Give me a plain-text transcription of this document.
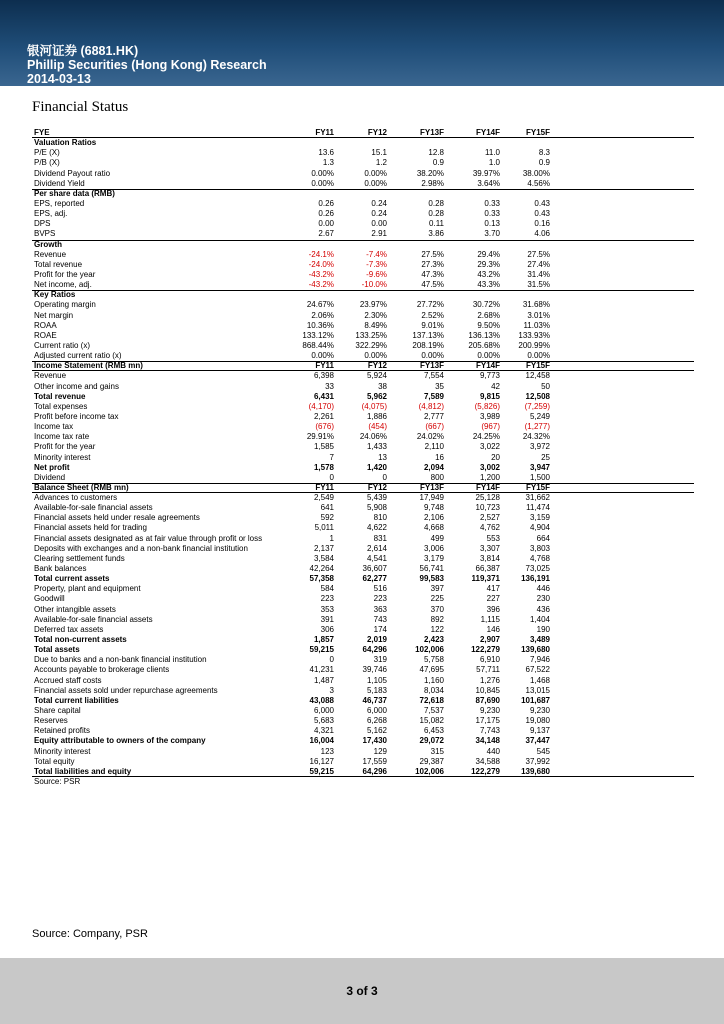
银河证券 (6881.HK)
Phillip Securities (Hong Kong) Research
2014-03-13
Financial Status
FYE	FY11	FY12	FY13F	FY14F	FY15F
Valuation Ratios
P/E (X)	13.6	15.1	12.8	11.0	8.3
P/B (X)	1.3	1.2	0.9	1.0	0.9
Dividend Payout ratio	0.00%	0.00%	38.20%	39.97%	38.00%
Dividend Yield	0.00%	0.00%	2.98%	3.64%	4.56%
Per share data (RMB)
EPS, reported	0.26	0.24	0.28	0.33	0.43
EPS, adj.	0.26	0.24	0.28	0.33	0.43
DPS	0.00	0.00	0.11	0.13	0.16
BVPS	2.67	2.91	3.86	3.70	4.06
Growth
Revenue	-24.1%	-7.4%	27.5%	29.4%	27.5%
Total revenue	-24.0%	-7.3%	27.3%	29.3%	27.4%
Profit for the year	-43.2%	-9.6%	47.3%	43.2%	31.4%
Net income, adj.	-43.2%	-10.0%	47.5%	43.3%	31.5%
Key Ratios
Operating margin	24.67%	23.97%	27.72%	30.72%	31.68%
Net margin	2.06%	2.30%	2.52%	2.68%	3.01%
ROAA	10.36%	8.49%	9.01%	9.50%	11.03%
ROAE	133.12%	133.25%	137.13%	136.13%	133.93%
Current ratio (x)	868.44%	322.29%	208.19%	205.68%	200.99%
Adjusted current ratio (x)	0.00%	0.00%	0.00%	0.00%	0.00%
Income Statement (RMB mn)	FY11	FY12	FY13F	FY14F	FY15F
Revenue	6,398	5,924	7,554	9,773	12,458
Other income and gains	33	38	35	42	50
Total revenue	6,431	5,962	7,589	9,815	12,508
Total expenses	(4,170)	(4,075)	(4,812)	(5,826)	(7,259)
Profit before income tax	2,261	1,886	2,777	3,989	5,249
Income tax	(676)	(454)	(667)	(967)	(1,277)
Income tax rate	29.91%	24.06%	24.02%	24.25%	24.32%
Profit for the year	1,585	1,433	2,110	3,022	3,972
Minority interest	7	13	16	20	25
Net profit	1,578	1,420	2,094	3,002	3,947
Dividend	0	0	800	1,200	1,500
Balance Sheet (RMB mn)	FY11	FY12	FY13F	FY14F	FY15F
Advances to customers	2,549	5,439	17,949	25,128	31,662
Available-for-sale financial assets	641	5,908	9,748	10,723	11,474
Financial assets held under resale agreements	592	810	2,106	2,527	3,159
Financial assets held for trading	5,011	4,622	4,668	4,762	4,904
Financial assets designated as at fair value through profit or loss	1	831	499	553	664
Deposits with exchanges and a non-bank financial institution	2,137	2,614	3,006	3,307	3,803
Clearing settlement funds	3,584	4,541	3,179	3,814	4,768
Bank balances	42,264	36,607	56,741	66,387	73,025
Total current assets	57,358	62,277	99,583	119,371	136,191
Property, plant and equipment	584	516	397	417	446
Goodwill	223	223	225	227	230
Other intangible assets	353	363	370	396	436
Available-for-sale financial assets	391	743	892	1,115	1,404
Deferred tax assets	306	174	122	146	190
Total non-current assets	1,857	2,019	2,423	2,907	3,489
Total assets	59,215	64,296	102,006	122,279	139,680
Due to banks and a non-bank financial institution	0	319	5,758	6,910	7,946
Accounts payable to brokerage clients	41,231	39,746	47,695	57,711	67,522
Accrued staff costs	1,487	1,105	1,160	1,276	1,468
Financial assets sold under repurchase agreements	3	5,183	8,034	10,845	13,015
Total current liabilities	43,088	46,737	72,618	87,690	101,687
Share capital	6,000	6,000	7,537	9,230	9,230
Reserves	5,683	6,268	15,082	17,175	19,080
Retained profits	4,321	5,162	6,453	7,743	9,137
Equity attributable to owners of the company	16,004	17,430	29,072	34,148	37,447
Minority interest	123	129	315	440	545
Total equity	16,127	17,559	29,387	34,588	37,992
Total liabilities and equity	59,215	64,296	102,006	122,279	139,680
Source: PSR
Source: Company, PSR
3 of 3
